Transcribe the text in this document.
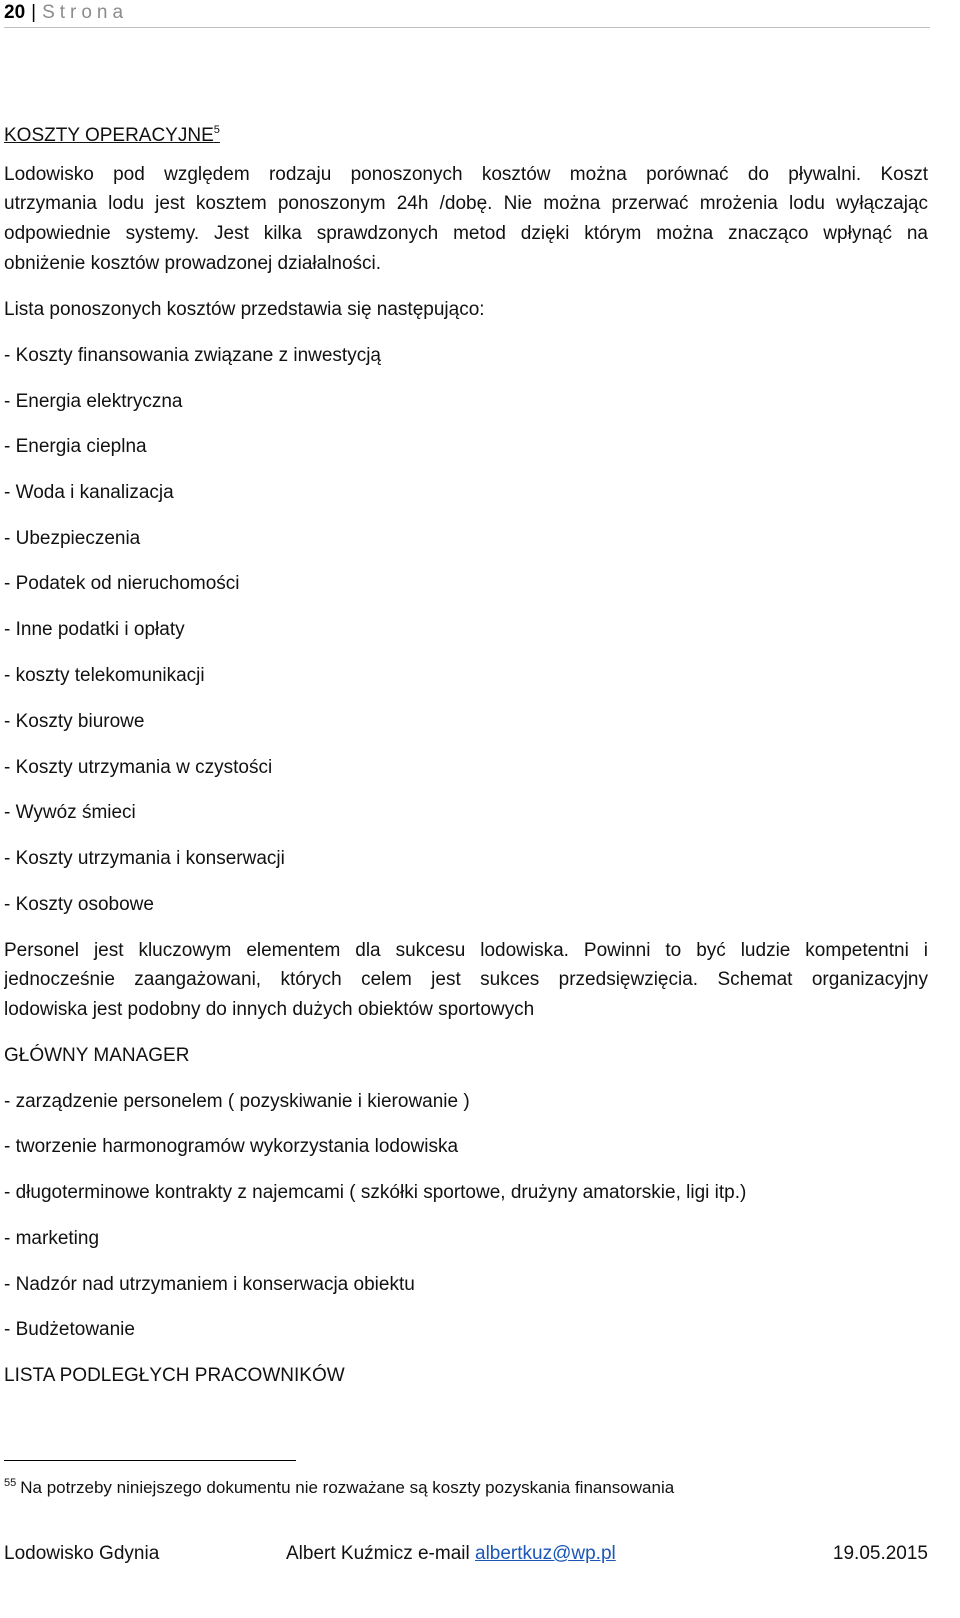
20 | Strona
KOSZTY OPERACYJNE$^5$
Lodowisko pod względem rodzaju ponoszonych kosztów można porównać do pływalni. Koszt
utrzymania lodu jest kosztem ponoszonym 24h /dobę. Nie można przerwać mrożenia lodu wyłączając
odpowiednie systemy. Jest kilka sprawdzonych metod dzięki którym można znacząco wpłynąć na
obniżenie kosztów prowadzonej działalności.
Lista ponoszonych kosztów przedstawia się następująco:
- Koszty finansowania związane z inwestycją
- Energia elektryczna
- Energia cieplna
- Woda i kanalizacja
- Ubezpieczenia
- Podatek od nieruchomości
- Inne podatki i opłaty
- koszty telekomunikacji
- Koszty biurowe
- Koszty utrzymania w czystości
- Wywóz śmieci
- Koszty utrzymania i konserwacji
- Koszty osobowe
Personel jest kluczowym elementem dla sukcesu lodowiska. Powinni to być ludzie kompetentni i
jednocześnie zaangażowani, których celem jest sukces przedsięwzięcia. Schemat organizacyjny
lodowiska jest podobny do innych dużych obiektów sportowych
GŁÓWNY MANAGER
- zarządzenie personelem ( pozyskiwanie i kierowanie )
- tworzenie harmonogramów wykorzystania lodowiska
- długoterminowe kontrakty z najemcami ( szkółki sportowe, drużyny amatorskie, ligi itp.)
- marketing
- Nadzór nad utrzymaniem i konserwacja obiektu
- Budżetowanie
LISTA PODLEGŁYCH PRACOWNIKÓW
$^{55}$ Na potrzeby niniejszego dokumentu nie rozważane są koszty pozyskania finansowania
Lodowisko Gdynia	Albert Kuźmicz e-mail albertkuz@wp.pl	19.05.2015
